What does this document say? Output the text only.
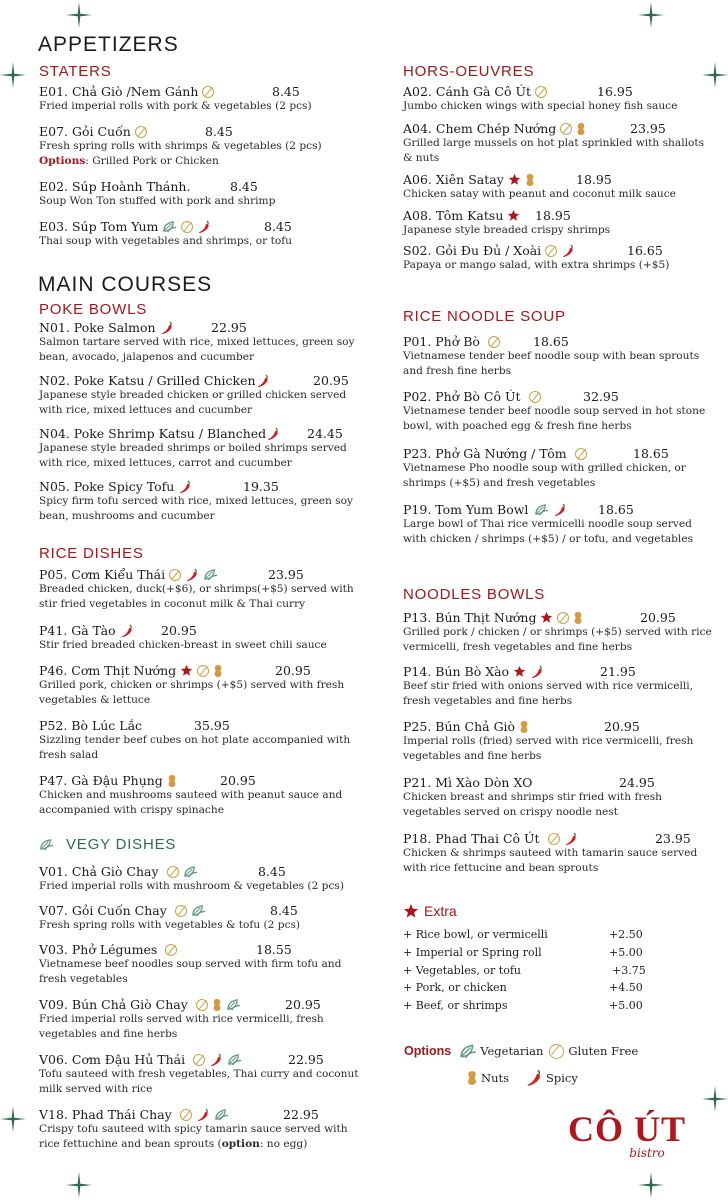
APPETIZERS
STATERS
E01. Chả Giò /Nem Gánh	8.45
Fried imperial rolls with pork & vegetables (2 pcs)
E07. Gỏi Cuốn	8.45
Fresh spring rolls with shrimps & vegetables (2 pcs)
Options: Grilled Pork or Chicken
E02. Súp Hoành Thánh.	8.45
Soup Won Ton stuffed with pork and shrimp
E03. Súp Tom Yum	8.45
Thai soup with vegetables and shrimps, or tofu
MAIN COURSES
POKE BOWLS
N01. Poke Salmon	22.95
Salmon tartare served with rice, mixed lettuces, green soy bean, avocado, jalapenos and cucumber
N02. Poke Katsu / Grilled Chicken	20.95
Japanese style breaded chicken or grilled chicken served with rice, mixed lettuces and cucumber
N04. Poke Shrimp Katsu / Blanched	24.45
Japanese style breaded shrimps or boiled shrimps served with rice, mixed lettuces, carrot and cucumber
N05. Poke Spicy Tofu	19.35
Spicy firm tofu serced with rice, mixed lettuces, green soy bean, mushrooms and cucumber
RICE DISHES
P05. Cơm Kiểu Thái	23.95
Breaded chicken, duck(+$6), or shrimps(+$5) served with stir fried vegetables in coconut milk & Thai curry
P41. Gà Tào	20.95
Stir fried breaded chicken-breast in sweet chili sauce
P46. Cơm Thịt Nướng	20.95
Grilled pork, chicken or shrimps (+$5) served with fresh vegetables & lettuce
P52. Bò Lúc Lắc	35.95
Sizzling tender beef cubes on hot plate accompanied with fresh salad
P47. Gà Đậu Phụng	20.95
Chicken and mushrooms sauteed with peanut sauce and accompanied with crispy spinache
VEGY DISHES
V01. Chả Giò Chay	8.45
Fried imperial rolls with mushroom & vegetables (2 pcs)
V07. Gỏi Cuốn Chay	8.45
Fresh spring rolls with vegetables & tofu (2 pcs)
V03. Phở Légumes	18.55
Vietnamese beef noodles soup served with firm tofu and fresh vegetables
V09. Bún Chả Giò Chay	20.95
Fried imperial rolls served with rice vermicelli, fresh vegetables and fine herbs
V06. Cơm Đậu Hủ Thái	22.95
Tofu sauteed with fresh vegetables, Thai curry and coconut milk served with rice
V18. Phad Thái Chay	22.95
Crispy tofu sauteed with spicy tamarin sauce served with rice fettuchine and bean sprouts (option: no egg)
HORS-OEUVRES
A02. Cánh Gà Cô Út	16.95
Jumbo chicken wings with special honey fish sauce
A04. Chem Chép Nướng	23.95
Grilled large mussels on hot plat sprinkled with shallots & nuts
A06. Xiên Satay	18.95
Chicken satay with peanut and coconut milk sauce
A08. Tôm Katsu	18.95
Japanese style breaded crispy shrimps
S02. Gỏi Đu Đủ / Xoài	16.65
Papaya or mango salad, with extra shrimps (+$5)
RICE NOODLE SOUP
P01. Phở Bò	18.65
Vietnamese tender beef noodle soup with bean sprouts and fresh fine herbs
P02. Phở Bò Cô Út	32.95
Vietnamese tender beef noodle soup served in hot stone bowl, with poached egg & fresh fine herbs
P23. Phở Gà Nướng / Tôm	18.65
Vietnamese Pho noodle soup with grilled chicken, or shrimps (+$5) and fresh vegetables
P19. Tom Yum Bowl	18.65
Large bowl of Thai rice vermicelli noodle soup served with chicken / shrimps (+$5) / or tofu, and vegetables
NOODLES BOWLS
P13. Bún Thịt Nướng	20.95
Grilled pork / chicken / or shrimps (+$5) served with rice vermicelli, fresh vegetables and fine herbs
P14. Bún Bò Xào	21.95
Beef stir fried with onions served with rice vermicelli, fresh vegetables and fine herbs
P25. Bún Chả Giò	20.95
Imperial rolls (fried) served with rice vermicelli, fresh vegetables and fine herbs
P21. Mì Xào Dòn XO	24.95
Chicken breast and shrimps stir fried with fresh vegetables served on crispy noodle nest
P18. Phad Thai Cô Út	23.95
Chicken & shrimps sauteed with tamarin sauce served with rice fettucine and bean sprouts
Extra
+ Rice bowl, or vermicelli	+2.50
+ Imperial or Spring roll	+5.00
+ Vegetables, or tofu	+3.75
+ Pork, or chicken	+4.50
+ Beef, or shrimps	+5.00
Options	Vegetarian Gluten Free
Nuts	Spicy
CÔ ÚT
bistro
